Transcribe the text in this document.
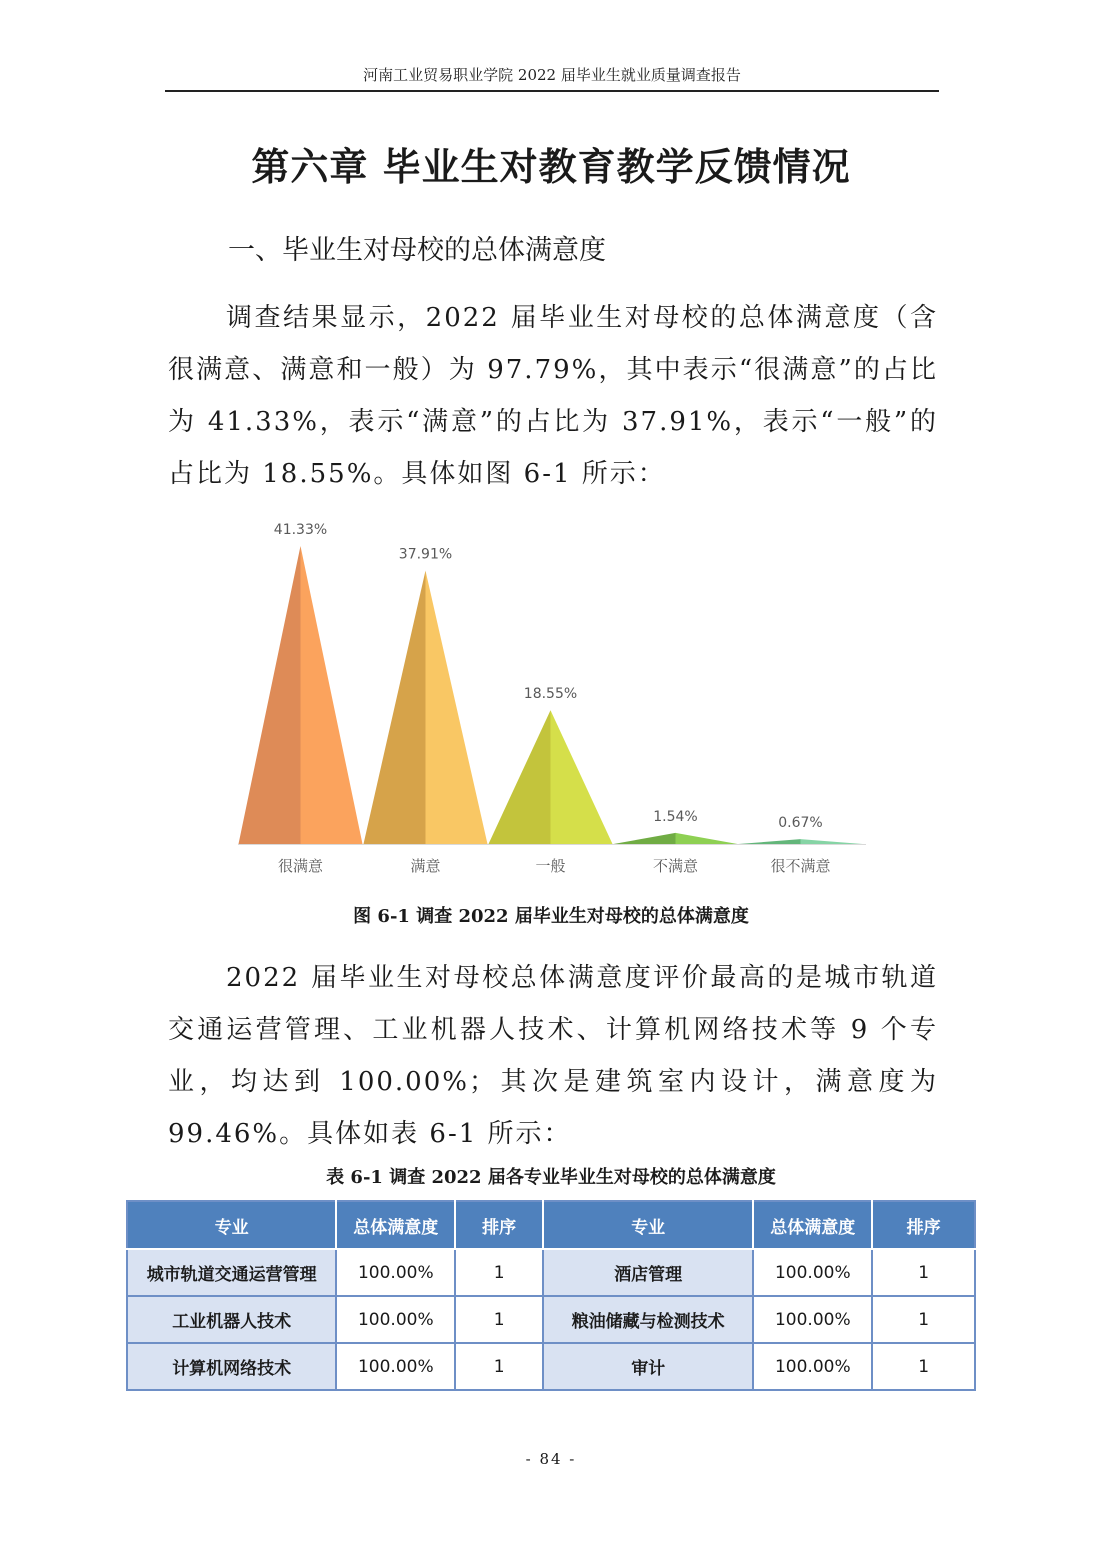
河南工业贸易职业学院 2022 届毕业生就业质量调查报告
第六章 毕业生对教育教学反馈情况
一、毕业生对母校的总体满意度

调查结果显示，2022 届毕业生对母校的总体满意度（含很满意、满意和一般）为 97.79%，其中表示“很满意”的占比为 41.33%，表示“满意”的占比为 37.91%，表示“一般”的占比为 18.55%。具体如图 6-1 所示：

41.33%
很满意
37.91%
满意
18.55%
一般
1.54%
不满意
0.67%
很不满意

图 6-1 调查 2022 届毕业生对母校的总体满意度

2022 届毕业生对母校总体满意度评价最高的是城市轨道交通运营管理、工业机器人技术、计算机网络技术等 9 个专业，均达到 100.00%；其次是建筑室内设计，满意度为 99.46%。具体如表 6-1 所示：

表 6-1 调查 2022 届各专业毕业生对母校的总体满意度

专业	总体满意度	排序	专业	总体满意度	排序
城市轨道交通运营管理	100.00%	1	酒店管理	100.00%	1
工业机器人技术	100.00%	1	粮油储藏与检测技术	100.00%	1
计算机网络技术	100.00%	1	审计	100.00%	1
- 84 -
